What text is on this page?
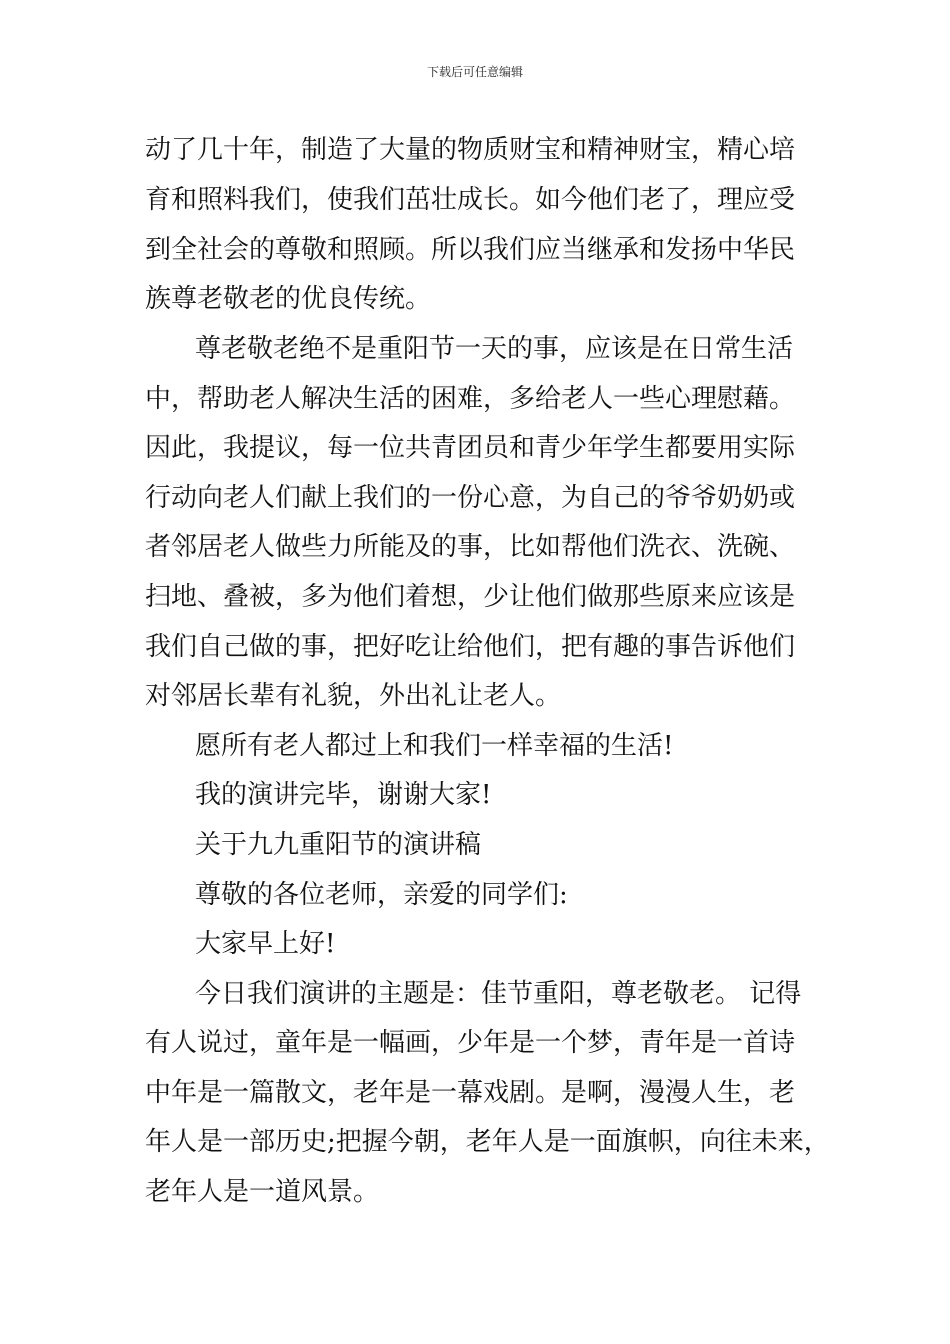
下载后可任意编辑
动了几十年，制造了大量的物质财宝和精神财宝，精心培
育和照料我们，使我们茁壮成长。如今他们老了，理应受
到全社会的尊敬和照顾。所以我们应当继承和发扬中华民
族尊老敬老的优良传统。
尊老敬老绝不是重阳节一天的事，应该是在日常生活
中，帮助老人解决生活的困难，多给老人一些心理慰藉。
因此，我提议，每一位共青团员和青少年学生都要用实际
行动向老人们献上我们的一份心意，为自己的爷爷奶奶或
者邻居老人做些力所能及的事，比如帮他们洗衣、洗碗、
扫地、叠被，多为他们着想，少让他们做那些原来应该是
我们自己做的事，把好吃让给他们，把有趣的事告诉他们
对邻居长辈有礼貌，外出礼让老人。
愿所有老人都过上和我们一样幸福的生活!
我的演讲完毕，谢谢大家!
关于九九重阳节的演讲稿
尊敬的各位老师，亲爱的同学们:
大家早上好!
今日我们演讲的主题是：佳节重阳，尊老敬老。 记得
有人说过，童年是一幅画，少年是一个梦，青年是一首诗
中年是一篇散文，老年是一幕戏剧。是啊，漫漫人生，老
年人是一部历史;把握今朝，老年人是一面旗帜，向往未来，
老年人是一道风景。
